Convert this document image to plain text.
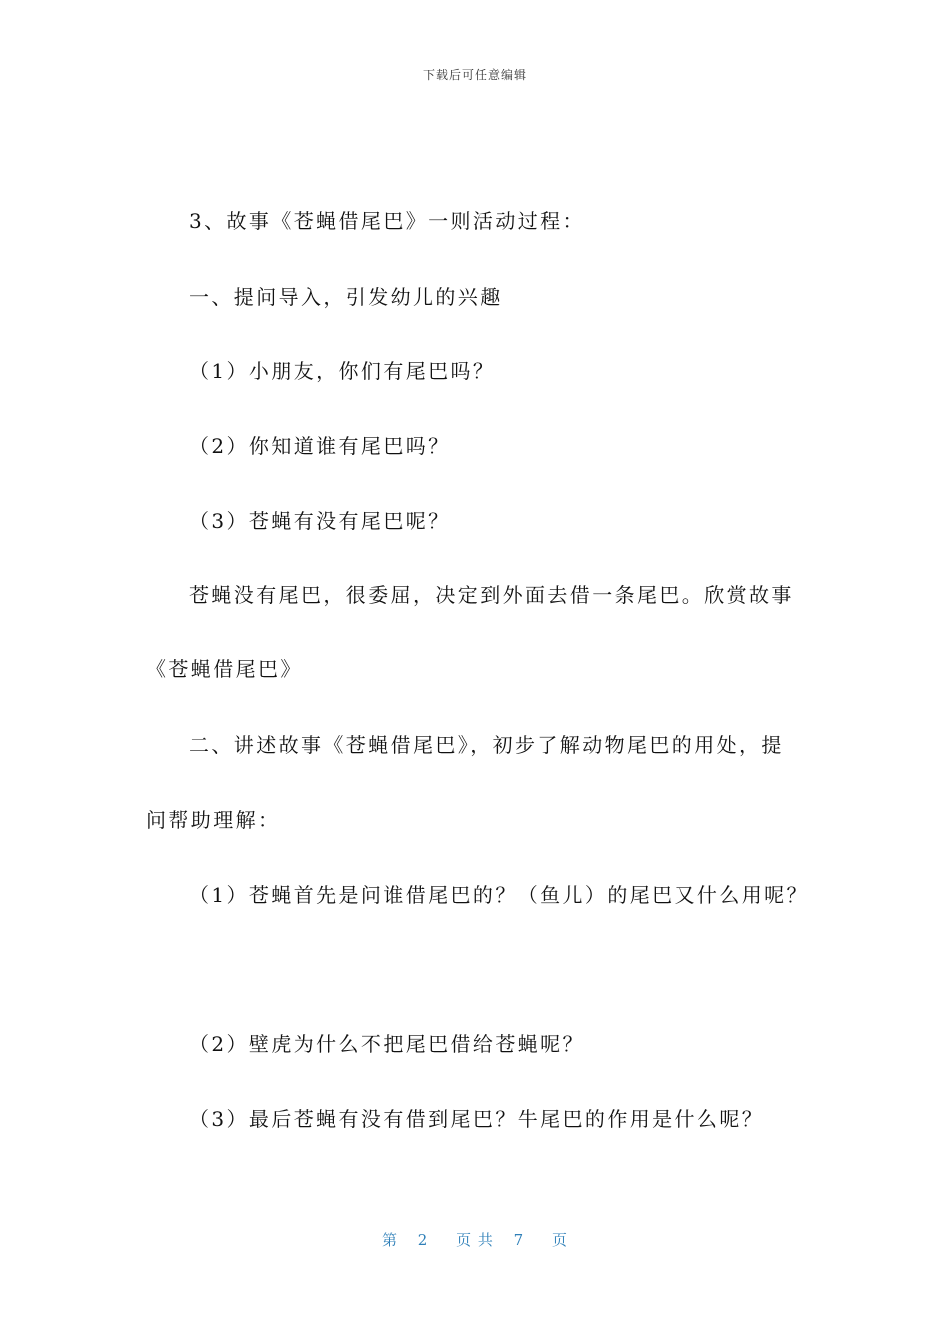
下载后可任意编辑
3、故事《苍蝇借尾巴》一则活动过程：
一、提问导入，引发幼儿的兴趣
（1）小朋友，你们有尾巴吗？
（2）你知道谁有尾巴吗？
（3）苍蝇有没有尾巴呢？
苍蝇没有尾巴，很委屈，决定到外面去借一条尾巴。欣赏故事
《苍蝇借尾巴》
二、讲述故事《苍蝇借尾巴》，初步了解动物尾巴的用处，提
问帮助理解：
（1）苍蝇首先是问谁借尾巴的？（鱼儿）的尾巴又什么用呢？
（2）壁虎为什么不把尾巴借给苍蝇呢？
（3）最后苍蝇有没有借到尾巴？牛尾巴的作用是什么呢？
第 2 页 共 7 页
